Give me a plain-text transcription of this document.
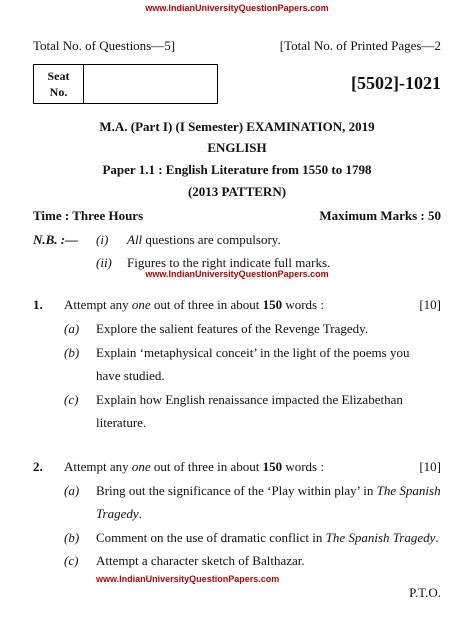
www.IndianUniversityQuestionPapers.com
Total No. of Questions—5]	[Total No. of Printed Pages—2
Seat
No.	[5502]-1021
M.A. (Part I) (I Semester) EXAMINATION, 2019
ENGLISH
Paper 1.1 : English Literature from 1550 to 1798
(2013 PATTERN)
Time : Three Hours	Maximum Marks : 50
N.B. :— (i) All questions are compulsory.
(ii) Figures to the right indicate full marks.
www.IndianUniversityQuestionPapers.com
1. Attempt any one out of three in about 150 words :	[10]
(a) Explore the salient features of the Revenge Tragedy.
(b) Explain ‘metaphysical conceit’ in the light of the poems you
have studied.
(c) Explain how English renaissance impacted the Elizabethan
literature.
2. Attempt any one out of three in about 150 words :	[10]
(a) Bring out the significance of the ‘Play within play’ in The Spanish
Tragedy.
(b) Comment on the use of dramatic conflict in The Spanish Tragedy.
(c) Attempt a character sketch of Balthazar.
www.IndianUniversityQuestionPapers.com
P.T.O.
